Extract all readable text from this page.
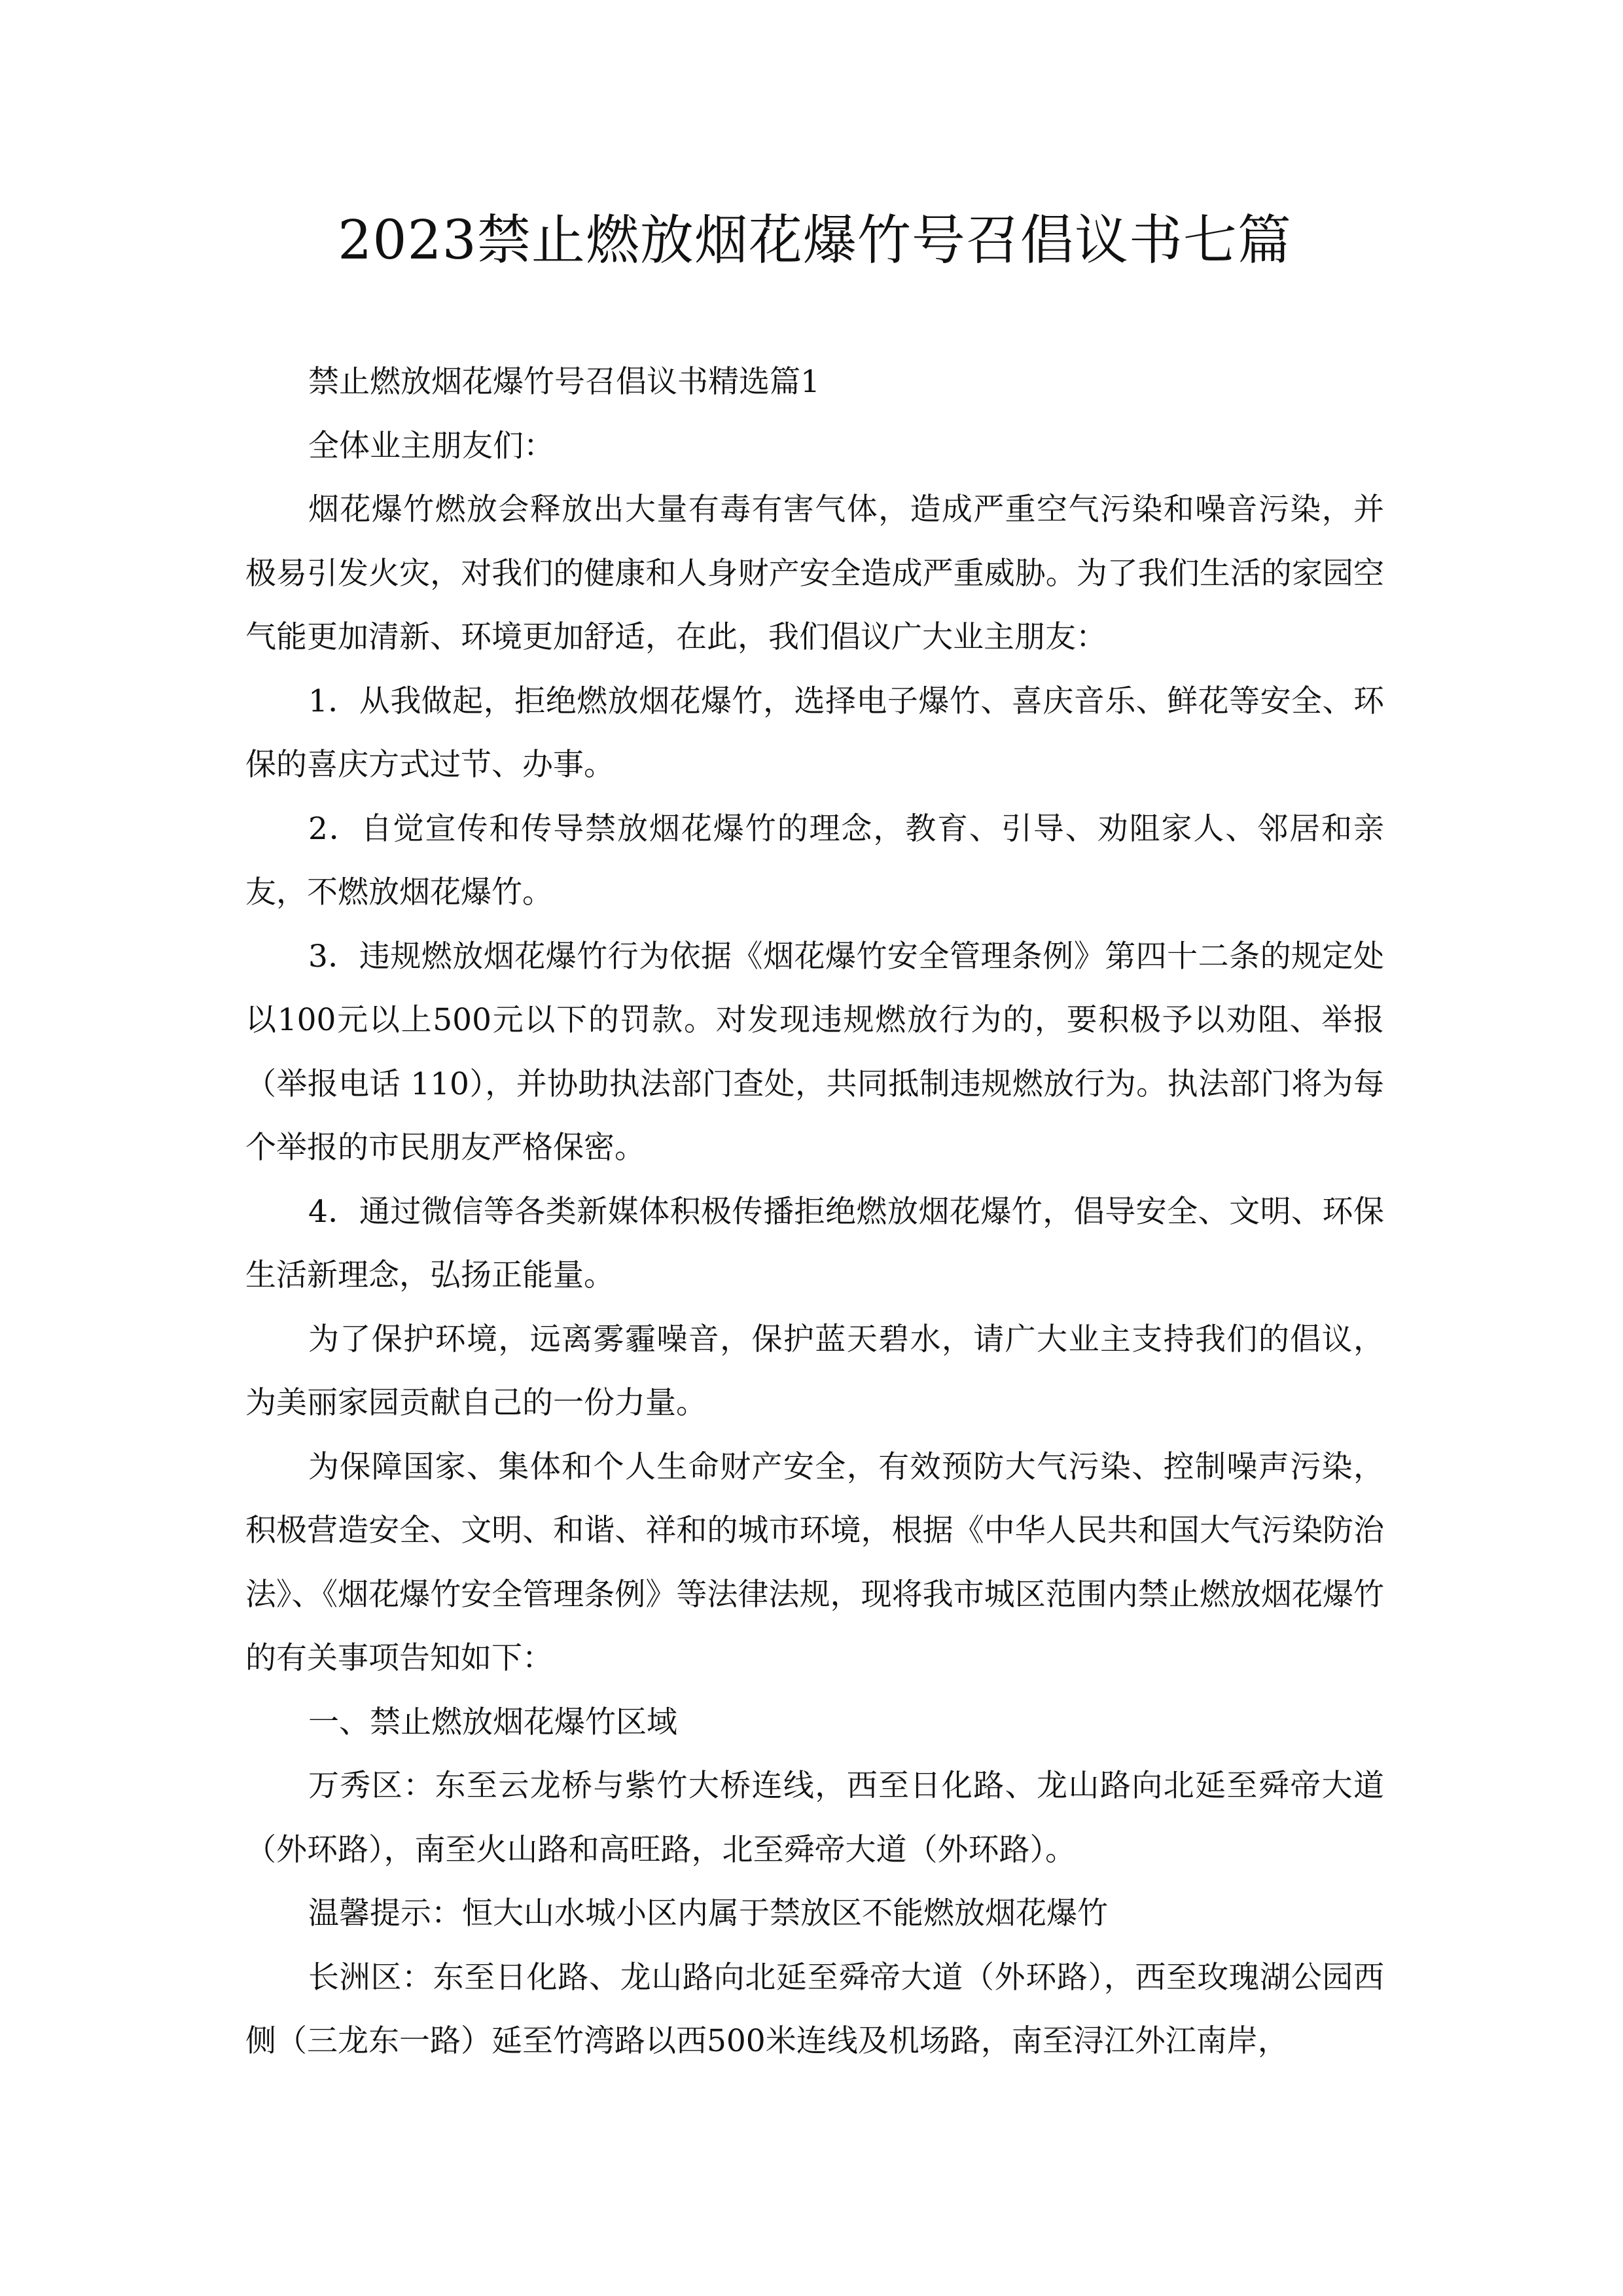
2023禁止燃放烟花爆竹号召倡议书七篇

禁止燃放烟花爆竹号召倡议书精选篇1

全体业主朋友们：

烟花爆竹燃放会释放出大量有毒有害气体，造成严重空气污染和噪音污染，并极易引发火灾，对我们的健康和人身财产安全造成严重威胁。为了我们生活的家园空气能更加清新、环境更加舒适，在此，我们倡议广大业主朋友：

1．从我做起，拒绝燃放烟花爆竹，选择电子爆竹、喜庆音乐、鲜花等安全、环保的喜庆方式过节、办事。

2．自觉宣传和传导禁放烟花爆竹的理念，教育、引导、劝阻家人、邻居和亲友，不燃放烟花爆竹。

3．违规燃放烟花爆竹行为依据《烟花爆竹安全管理条例》第四十二条的规定处以100元以上500元以下的罚款。对发现违规燃放行为的，要积极予以劝阻、举报（举报电话 110），并协助执法部门查处，共同抵制违规燃放行为。执法部门将为每个举报的市民朋友严格保密。

4．通过微信等各类新媒体积极传播拒绝燃放烟花爆竹，倡导安全、文明、环保生活新理念，弘扬正能量。

为了保护环境，远离雾霾噪音，保护蓝天碧水，请广大业主支持我们的倡议，为美丽家园贡献自己的一份力量。

为保障国家、集体和个人生命财产安全，有效预防大气污染、控制噪声污染，积极营造安全、文明、和谐、祥和的城市环境，根据《中华人民共和国大气污染防治法》、《烟花爆竹安全管理条例》等法律法规，现将我市城区范围内禁止燃放烟花爆竹的有关事项告知如下：

一、禁止燃放烟花爆竹区域

万秀区：东至云龙桥与紫竹大桥连线，西至日化路、龙山路向北延至舜帝大道（外环路），南至火山路和高旺路，北至舜帝大道（外环路）。

温馨提示：恒大山水城小区内属于禁放区不能燃放烟花爆竹

长洲区：东至日化路、龙山路向北延至舜帝大道（外环路），西至玫瑰湖公园西侧（三龙东一路）延至竹湾路以西500米连线及机场路，南至浔江外江南岸，
